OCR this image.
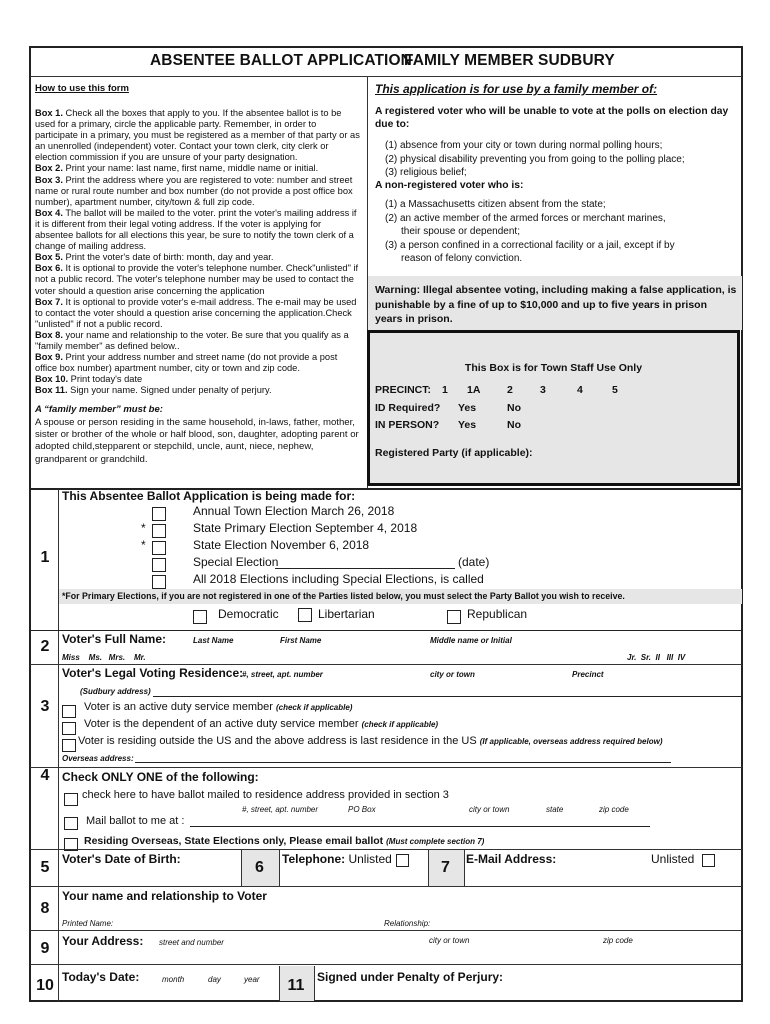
ABSENTEE BALLOT APPLICATION
FAMILY MEMBER SUDBURY
How to use this form
Box 1. Check all the boxes that apply to you. If the absentee ballot is to be used for a primary, circle the applicable party. Remember, in order to participate in a primary, you must be registered as a member of that party or as an unenrolled (independent) voter. Contact your town clerk, city clerk or election commission if you are unsure of your party designation.
Box 2. Print your name: last name, first name, middle name or initial.
Box 3. Print the address where you are registered to vote: number and street name or rural route number and box number (do not provide a post office box number), apartment number, city/town & full zip code.
Box 4. The ballot will be mailed to the voter. print the voter's mailing address if it is different from their legal voting address. If the voter is applying for absentee ballots for all elections this year, be sure to notify the town clerk of a change of mailing address.
Box 5. Print the voter's date of birth: month, day and year.
Box 6. It is optional to provide the voter's telephone number. Check"unlisted" if not a public record. The voter's telephone number may be used to contact the voter should a question arise concerning the application
Box 7. It is optional to provide voter's e-mail address. The e-mail may be used to contact the voter should a question arise concerning the application.Check "unlisted" if not a public record.
Box 8. your name and relationship to the voter. Be sure that you qualify as a "family member" as defined below..
Box 9. Print your address number and street name (do not provide a post office box number) apartment number, city or town and zip code.
Box 10. Print today's date
Box 11. Sign your name. Signed under penalty of perjury.
A “family member” must be:
A spouse or person residing in the same household, in-laws, father, mother, sister or brother of the whole or half blood, son, daughter, adopting parent or adopted child,stepparent or stepchild, uncle, aunt, niece, nephew, grandparent or grandchild.
This application is for use by a family member of:
A registered voter who will be unable to vote at the polls on election day due to:
(1) absence from your city or town during normal polling hours;
(2) physical disability preventing you from going to the polling place;
(3) religious belief;
A non-registered voter who is:
(1) a Massachusetts citizen absent from the state;
(2) an active member of the armed forces or merchant marines,
their spouse or dependent;
(3) a person confined in a correctional facility or a jail, except if by
reason of felony conviction.
Warning: Illegal absentee voting, including making a false application, is punishable by a fine of up to $10,000 and up to five years in prison years in prison.
This Box is for Town Staff Use Only
PRECINCT: 1 1A	2	3	4	5
ID Required? Yes	No
IN PERSON? Yes	No
Registered Party (if applicable):
1
This Absentee Ballot Application is being made for:
Annual Town Election March 26, 2018
*	State Primary Election September 4, 2018
*	State Election November 6, 2018
Special Election	(date)
All 2018 Elections including Special Elections, is called
*For Primary Elections, if you are not registered in one of the Parties listed below, you must select the Party Ballot you wish to receive.
Democratic	Libertarian	Republican
2	Voter's Full Name:	Last Name	First Name	Middle name or Initial
Miss    Ms.   Mrs.    Mr.	Jr.  Sr.  II   III  IV
3
Voter's Legal Voting Residence:
#, street, apt. number	city or town	Precinct
(Sudbury address)
Voter is an active duty service member (check if applicable)
Voter is the dependent of an active duty service member (check if applicable)
Voter is residing outside the US and the above address is last residence in the US (If applicable, overseas address required below)
Overseas address:
4	Check ONLY ONE of the following:
check here to have ballot mailed to residence address provided in section 3
#, street, apt. number	PO Box	city or town	state	zip code
Mail ballot to me at :
Residing Overseas, State Elections only, Please email ballot (Must complete section 7)
5	Voter's Date of Birth:	6	Telephone: Unlisted	7	E-Mail Address:	Unlisted
8
Your name and relationship to Voter
Printed Name:	Relationship:
9	Your Address: street and number	city or town	zip code
10 Today's Date:	month	day	year	11	Signed under Penalty of Perjury:
